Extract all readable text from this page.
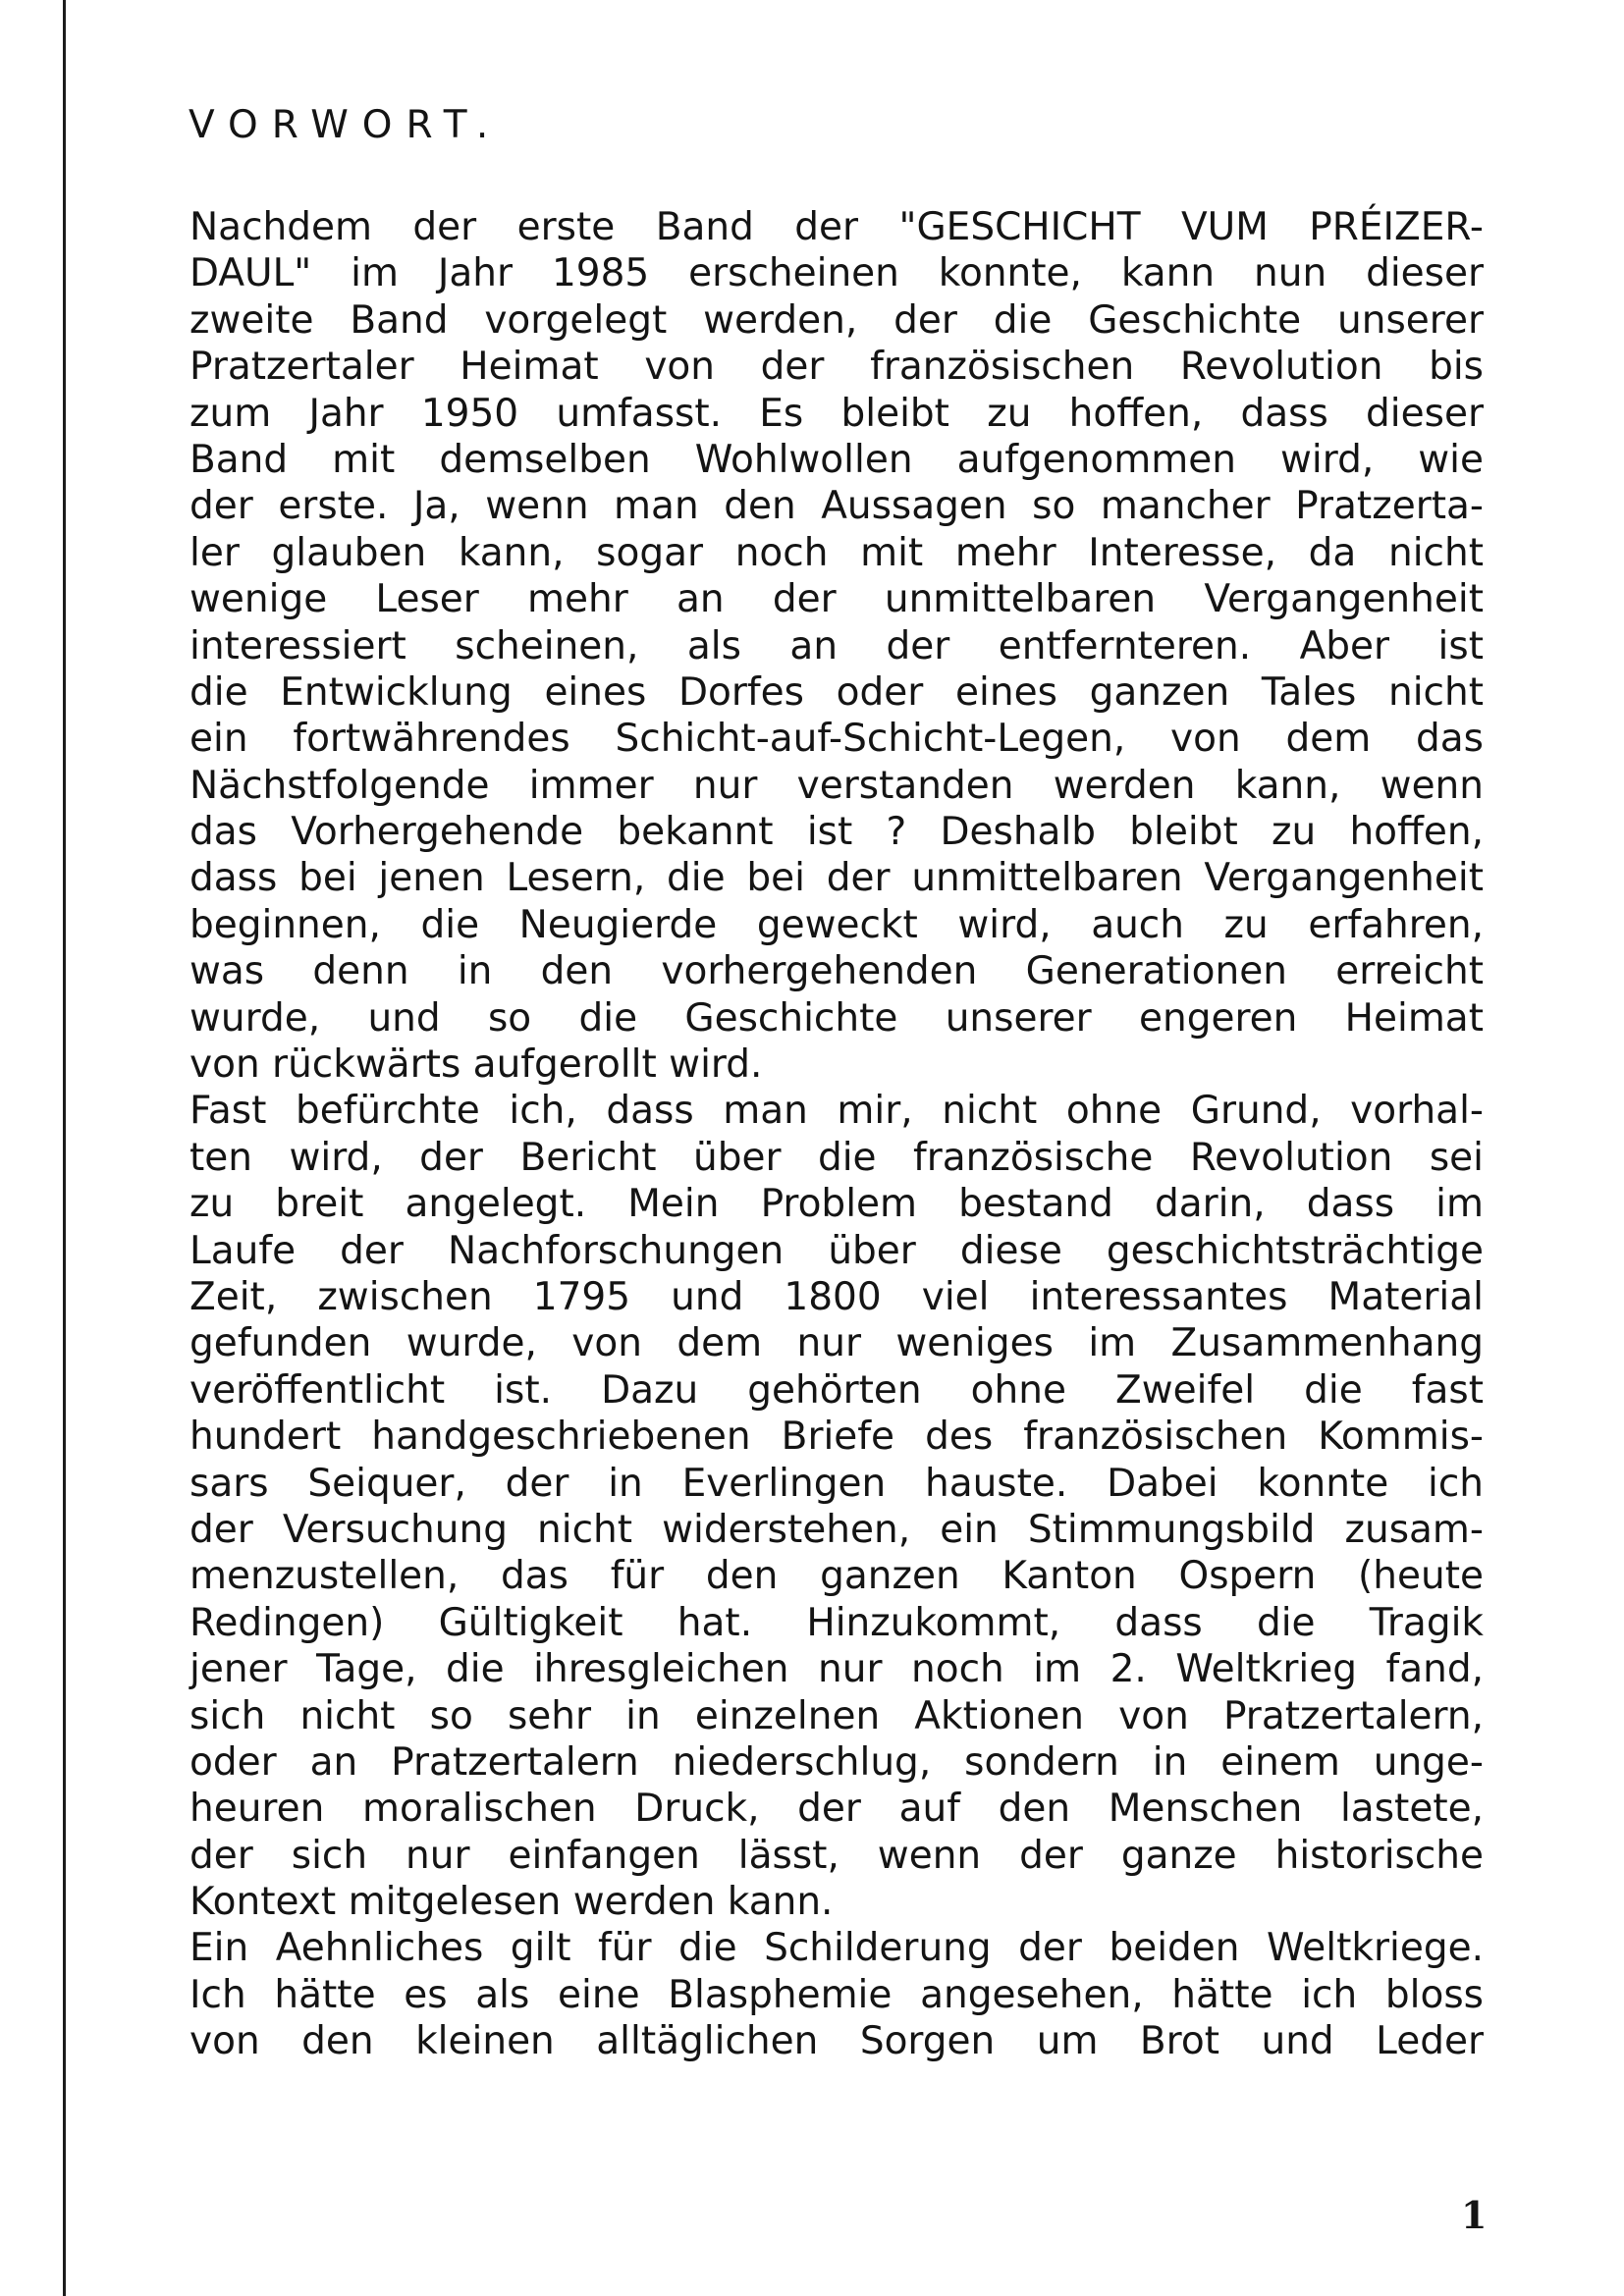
VORWORT.
Nachdem der erste Band der "GESCHICHT VUM PRÉIZER-
DAUL" im Jahr 1985 erscheinen konnte, kann nun dieser
zweite Band vorgelegt werden, der die Geschichte unserer
Pratzertaler Heimat von der französischen Revolution bis
zum Jahr 1950 umfasst. Es bleibt zu hoffen, dass dieser
Band mit demselben Wohlwollen aufgenommen wird, wie
der erste. Ja, wenn man den Aussagen so mancher Pratzerta-
ler glauben kann, sogar noch mit mehr Interesse, da nicht
wenige Leser mehr an der unmittelbaren Vergangenheit
interessiert scheinen, als an der entfernteren. Aber ist
die Entwicklung eines Dorfes oder eines ganzen Tales nicht
ein fortwährendes Schicht-auf-Schicht-Legen, von dem das
Nächstfolgende immer nur verstanden werden kann, wenn
das Vorhergehende bekannt ist ? Deshalb bleibt zu hoffen,
dass bei jenen Lesern, die bei der unmittelbaren Vergangenheit
beginnen, die Neugierde geweckt wird, auch zu erfahren,
was denn in den vorhergehenden Generationen erreicht
wurde, und so die Geschichte unserer engeren Heimat
von rückwärts aufgerollt wird.
Fast befürchte ich, dass man mir, nicht ohne Grund, vorhal-
ten wird, der Bericht über die französische Revolution sei
zu breit angelegt. Mein Problem bestand darin, dass im
Laufe der Nachforschungen über diese geschichtsträchtige
Zeit, zwischen 1795 und 1800 viel interessantes Material
gefunden wurde, von dem nur weniges im Zusammenhang
veröffentlicht ist. Dazu gehörten ohne Zweifel die fast
hundert handgeschriebenen Briefe des französischen Kommis-
sars Seiquer, der in Everlingen hauste. Dabei konnte ich
der Versuchung nicht widerstehen, ein Stimmungsbild zusam-
menzustellen, das für den ganzen Kanton Ospern (heute
Redingen) Gültigkeit hat. Hinzukommt, dass die Tragik
jener Tage, die ihresgleichen nur noch im 2. Weltkrieg fand,
sich nicht so sehr in einzelnen Aktionen von Pratzertalern,
oder an Pratzertalern niederschlug, sondern in einem unge-
heuren moralischen Druck, der auf den Menschen lastete,
der sich nur einfangen lässt, wenn der ganze historische
Kontext mitgelesen werden kann.
Ein Aehnliches gilt für die Schilderung der beiden Weltkriege.
Ich hätte es als eine Blasphemie angesehen, hätte ich bloss
von den kleinen alltäglichen Sorgen um Brot und Leder
1
